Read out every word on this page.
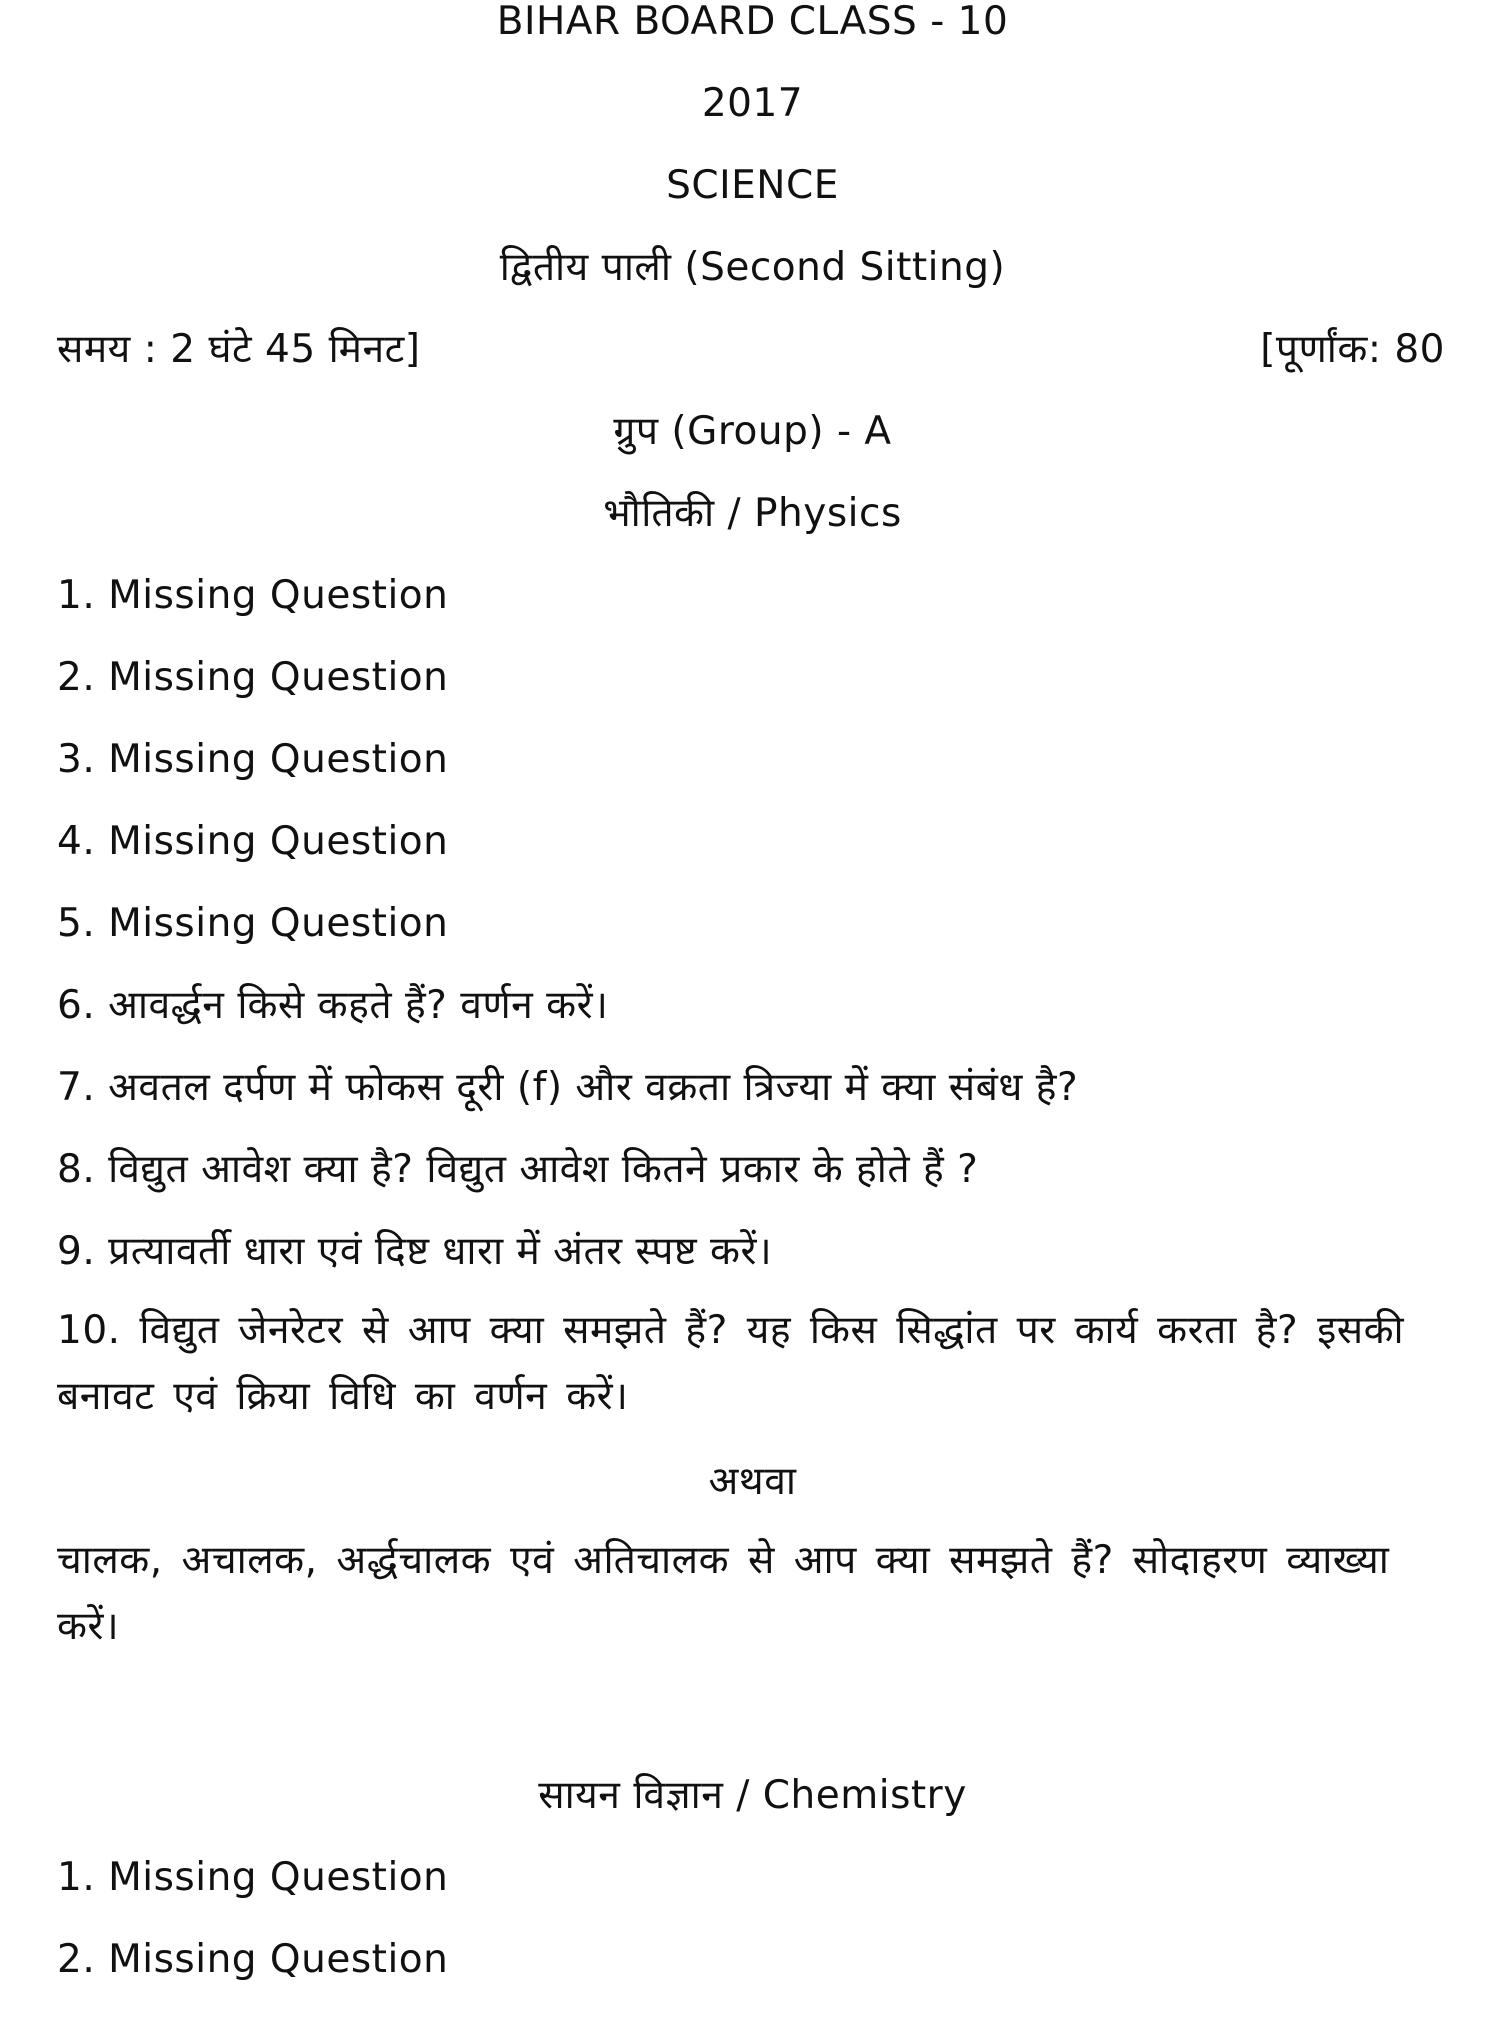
BIHAR BOARD CLASS - 10
2017
SCIENCE
द्वितीय पाली (Second Sitting)
समय : 2 घंटे 45 मिनट]	[पूर्णांक: 80
ग्रुप (Group) - A
भौतिकी / Physics
1. Missing Question
2. Missing Question
3. Missing Question
4. Missing Question
5. Missing Question
6. आवर्द्धन किसे कहते हैं? वर्णन करें।
7. अवतल दर्पण में फोकस दूरी (f) और वक्रता त्रिज्या में क्या संबंध है?
8. विद्युत आवेश क्या है? विद्युत आवेश कितने प्रकार के होते हैं ?
9. प्रत्यावर्ती धारा एवं दिष्ट धारा में अंतर स्पष्ट करें।
10. विद्युत जेनरेटर से आप क्या समझते हैं? यह किस सिद्धांत पर कार्य करता है? इसकी बनावट एवं क्रिया विधि का वर्णन करें।
अथवा
चालक, अचालक, अर्द्धचालक एवं अतिचालक से आप क्या समझते हैं? सोदाहरण व्याख्या करें।
सायन विज्ञान / Chemistry
1. Missing Question
2. Missing Question
